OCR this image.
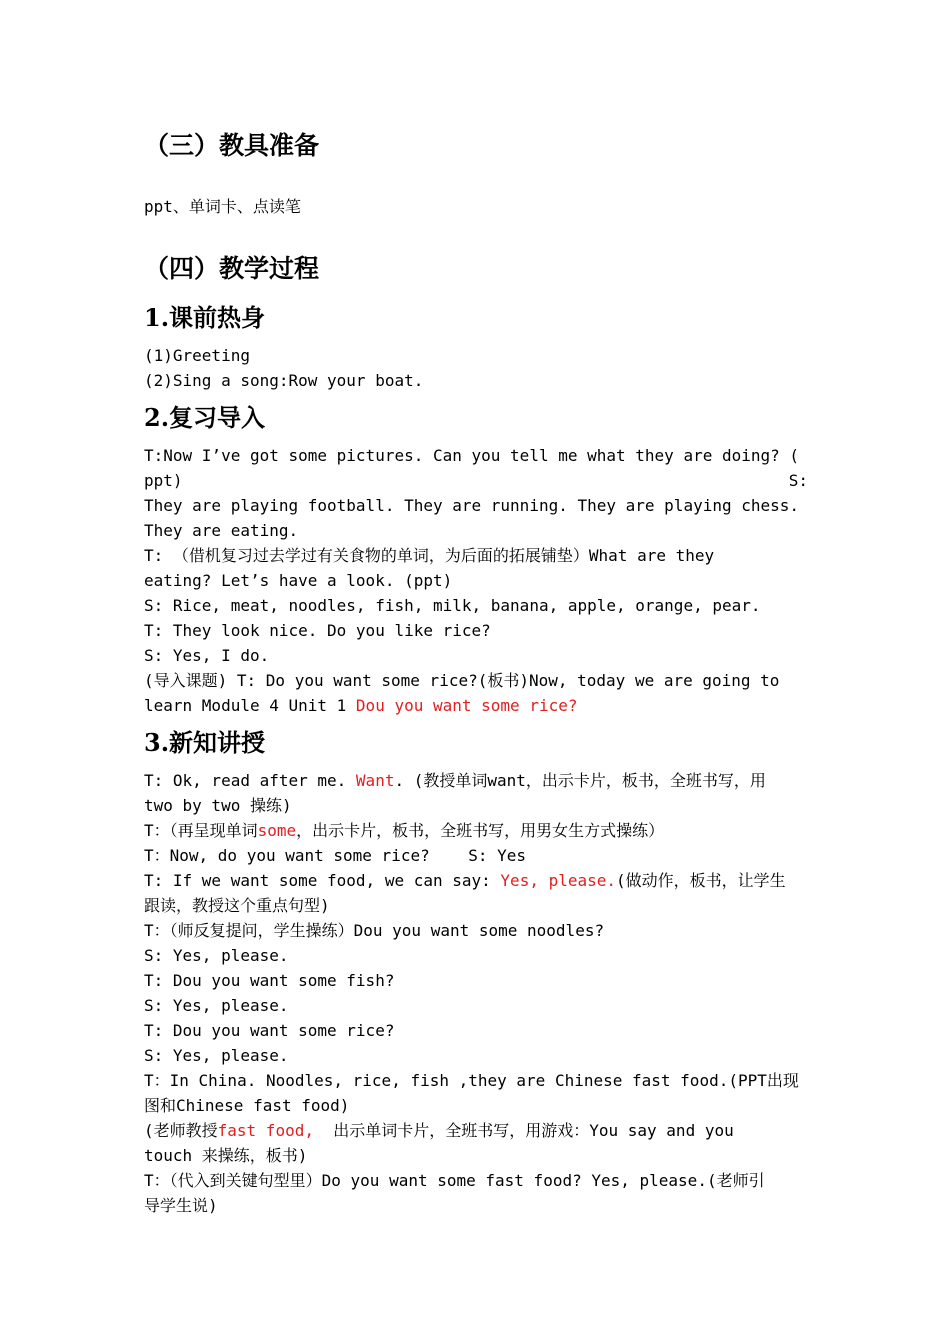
（三）教具准备

ppt、单词卡、点读笔

（四）教学过程

1.课前热身

(1)Greeting

(2)Sing a song:Row your boat.

2.复习导入

T:Now I’ve got some pictures. Can you tell me what they are doing? (

ppt)	S:

They are playing football. They are running. They are playing chess.

They are eating.

T: （借机复习过去学过有关食物的单词，为后面的拓展铺垫）What are they

eating? Let’s have a look. (ppt)

S: Rice, meat, noodles, fish, milk, banana, apple, orange, pear.

T: They look nice. Do you like rice?

S: Yes, I do.

(导入课题) T: Do you want some rice?(板书)Now, today we are going to

learn Module 4 Unit 1 Dou you want some rice?

3.新知讲授

T: Ok, read after me. Want. (教授单词want，出示卡片，板书，全班书写，用

two by two 操练)

T：（再呈现单词some，出示卡片，板书，全班书写，用男女生方式操练）

T：Now, do you want some rice?    S: Yes

T: If we want some food, we can say: Yes, please.(做动作，板书，让学生

跟读，教授这个重点句型)

T：（师反复提问，学生操练）Dou you want some noodles?

S: Yes, please.

T: Dou you want some fish?

S: Yes, please.

T: Dou you want some rice?

S: Yes, please.

T：In China. Noodles, rice, fish ,they are Chinese fast food.(PPT出现

图和Chinese fast food)

(老师教授fast food,  出示单词卡片，全班书写，用游戏：You say and you

touch 来操练，板书)

T：（代入到关键句型里）Do you want some fast food? Yes, please.(老师引

导学生说)
